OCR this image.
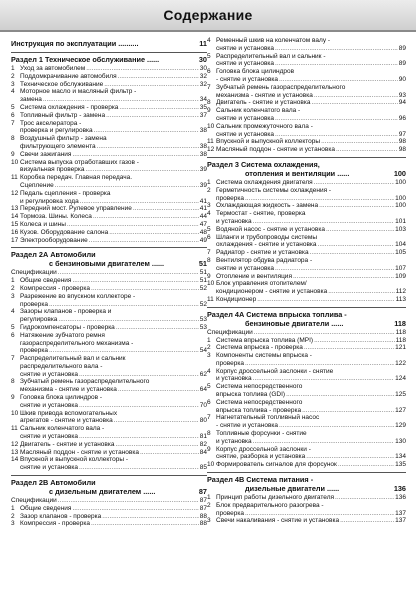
Содержание
Инструкция по эксплуатации ..........	11
Раздел 1 Техническое обслуживание ......	30
1 Уход за автомобилем	30
.....
2 Поддомкрачивание автомобиля	32
.....
3 Техническое обслуживание	32
.....
4 Моторное масло и масляный фильтр -
замена	34
.....
5 Система охлаждения - проверка	35
.....
6 Топливный фильтр - замена	37
.....
7 Трос акселератора -
проверка и регулировка	38
.....
8 Воздушный фильтр - замена
фильтрующего элемента	38
.....
9 Свечи зажигания	38
.....
10 Система выпуска отработавших газов -
визуальная проверка	39
.....
11 Коробка передач. Главная передача.
Сцепление	39
.....
12 Педаль сцепления - проверка
и регулировка хода	41
.....
13 Передний мост. Рулевое управление	41
.....
14 Тормоза. Шины. Колеса	44
.....
15 Колеса и шины	47
.....
16 Кузов. Оборудование салона	48
.....
17 Электрооборудование	49
.....
Раздел 2А Автомобили
с бензиновыми двигателем ......	51
Спецификации	51
.....
1 Общие сведения	51
.....
2 Компрессия - проверка	52
.....
3 Разрежение во впускном коллекторе -
проверка	52
.....
4 Зазоры клапанов - проверка и
регулировка	53
.....
5 Гидрокомпенсаторы - проверка	53
.....
6 Натяжение зубчатого ремня
газораспределительного механизма -
проверка	54
.....
7 Распределительный вал и сальник
распределительного вала -
снятие и установка	62
.....
8 Зубчатый ремень газораспределительного
механизма - снятие и установка	64
.....
9 Головка блока цилиндров -
снятие и установка	70
.....
10 Шкив привода вспомогательных
агрегатов - снятие и установка	80
.....
11 Сальник коленчатого вала -
снятие и установка	81
.....
12 Двигатель - снятие и установка	82
.....
13 Масляный поддон - снятие и установка	84
.....
14 Впускной и выпускной коллекторы -
снятие и установка	85
.....
Раздел 2В Автомобили
с дизельным двигателем ......	87
Спецификации	87
.....
1 Общие сведения	87
.....
2 Зазор клапанов - проверка	88
.....
3 Компрессия - проверка	88
.....
4 Ременный шкив на коленчатом валу -
снятие и установка	89
.....
5 Распределительный вал и сальник -
снятие и установка	89
.....
6 Головка блока цилиндров
- снятие и установка	90
.....
7 Зубчатый ремень газораспределительного
механизма - снятие и установка	93
.....
8 Двигатель - снятие и установка	94
.....
9 Сальник коленчатого вала -
снятие и установка	96
.....
10 Сальник промежуточного вала -
снятие и установка	97
.....
11 Впускной и выпускной коллекторы	98
.....
12 Масляный поддон - снятие и установка	98
.....
Раздел 3 Система охлаждения,
отопления и вентиляции ......	100
1 Система охлаждения двигателя	100
.....
2 Герметичность системы охлаждения -
проверка	100
.....
3 Охлаждающая жидкость - замена	100
.....
4 Термостат - снятие, проверка
и установка	101
.....
5 Водяной насос - снятие и установка	103
.....
6 Шланги и трубопроводы системы
охлаждения - снятие и установка	104
.....
7 Радиатор - снятие и установка	105
.....
8 Вентилятор обдува радиатора -
снятие и установка	107
.....
9 Отопление и вентиляция	109
.....
10 Блок управления отопителем/
кондиционером - снятие и установка	112
.....
11 Кондиционер	113
.....
Раздел 4А Система впрыска топлива -
бензиновые двигатели ......	118
Спецификации	118
.....
1 Система впрыска топлива (MPI)	118
.....
2 Система впрыска - проверка	121
.....
3 Компоненты системы впрыска -
проверка	122
.....
4 Корпус дроссельной заслонки - снятие
и установка	124
.....
5 Система непосредственного
впрыска топлива (GDI)	125
.....
6 Система непосредственного
впрыска топлива - проверка	127
.....
7 Нагнетательный топливный насос
- снятие и установка	129
.....
8 Топливные форсунки - снятие
и установка	130
.....
9 Корпус дроссельной заслонки -
снятие, разборка и установка	134
.....
10 Формирователь сигналов для форсунок	135
.....
Раздел 4В Система питания -
дизельные двигатели ......	136
1 Принцип работы дизельного двигателя	136
.....
2 Блок предварительного разогрева -
проверка	137
.....
3 Свечи накаливания - снятие и установка	137
.....
